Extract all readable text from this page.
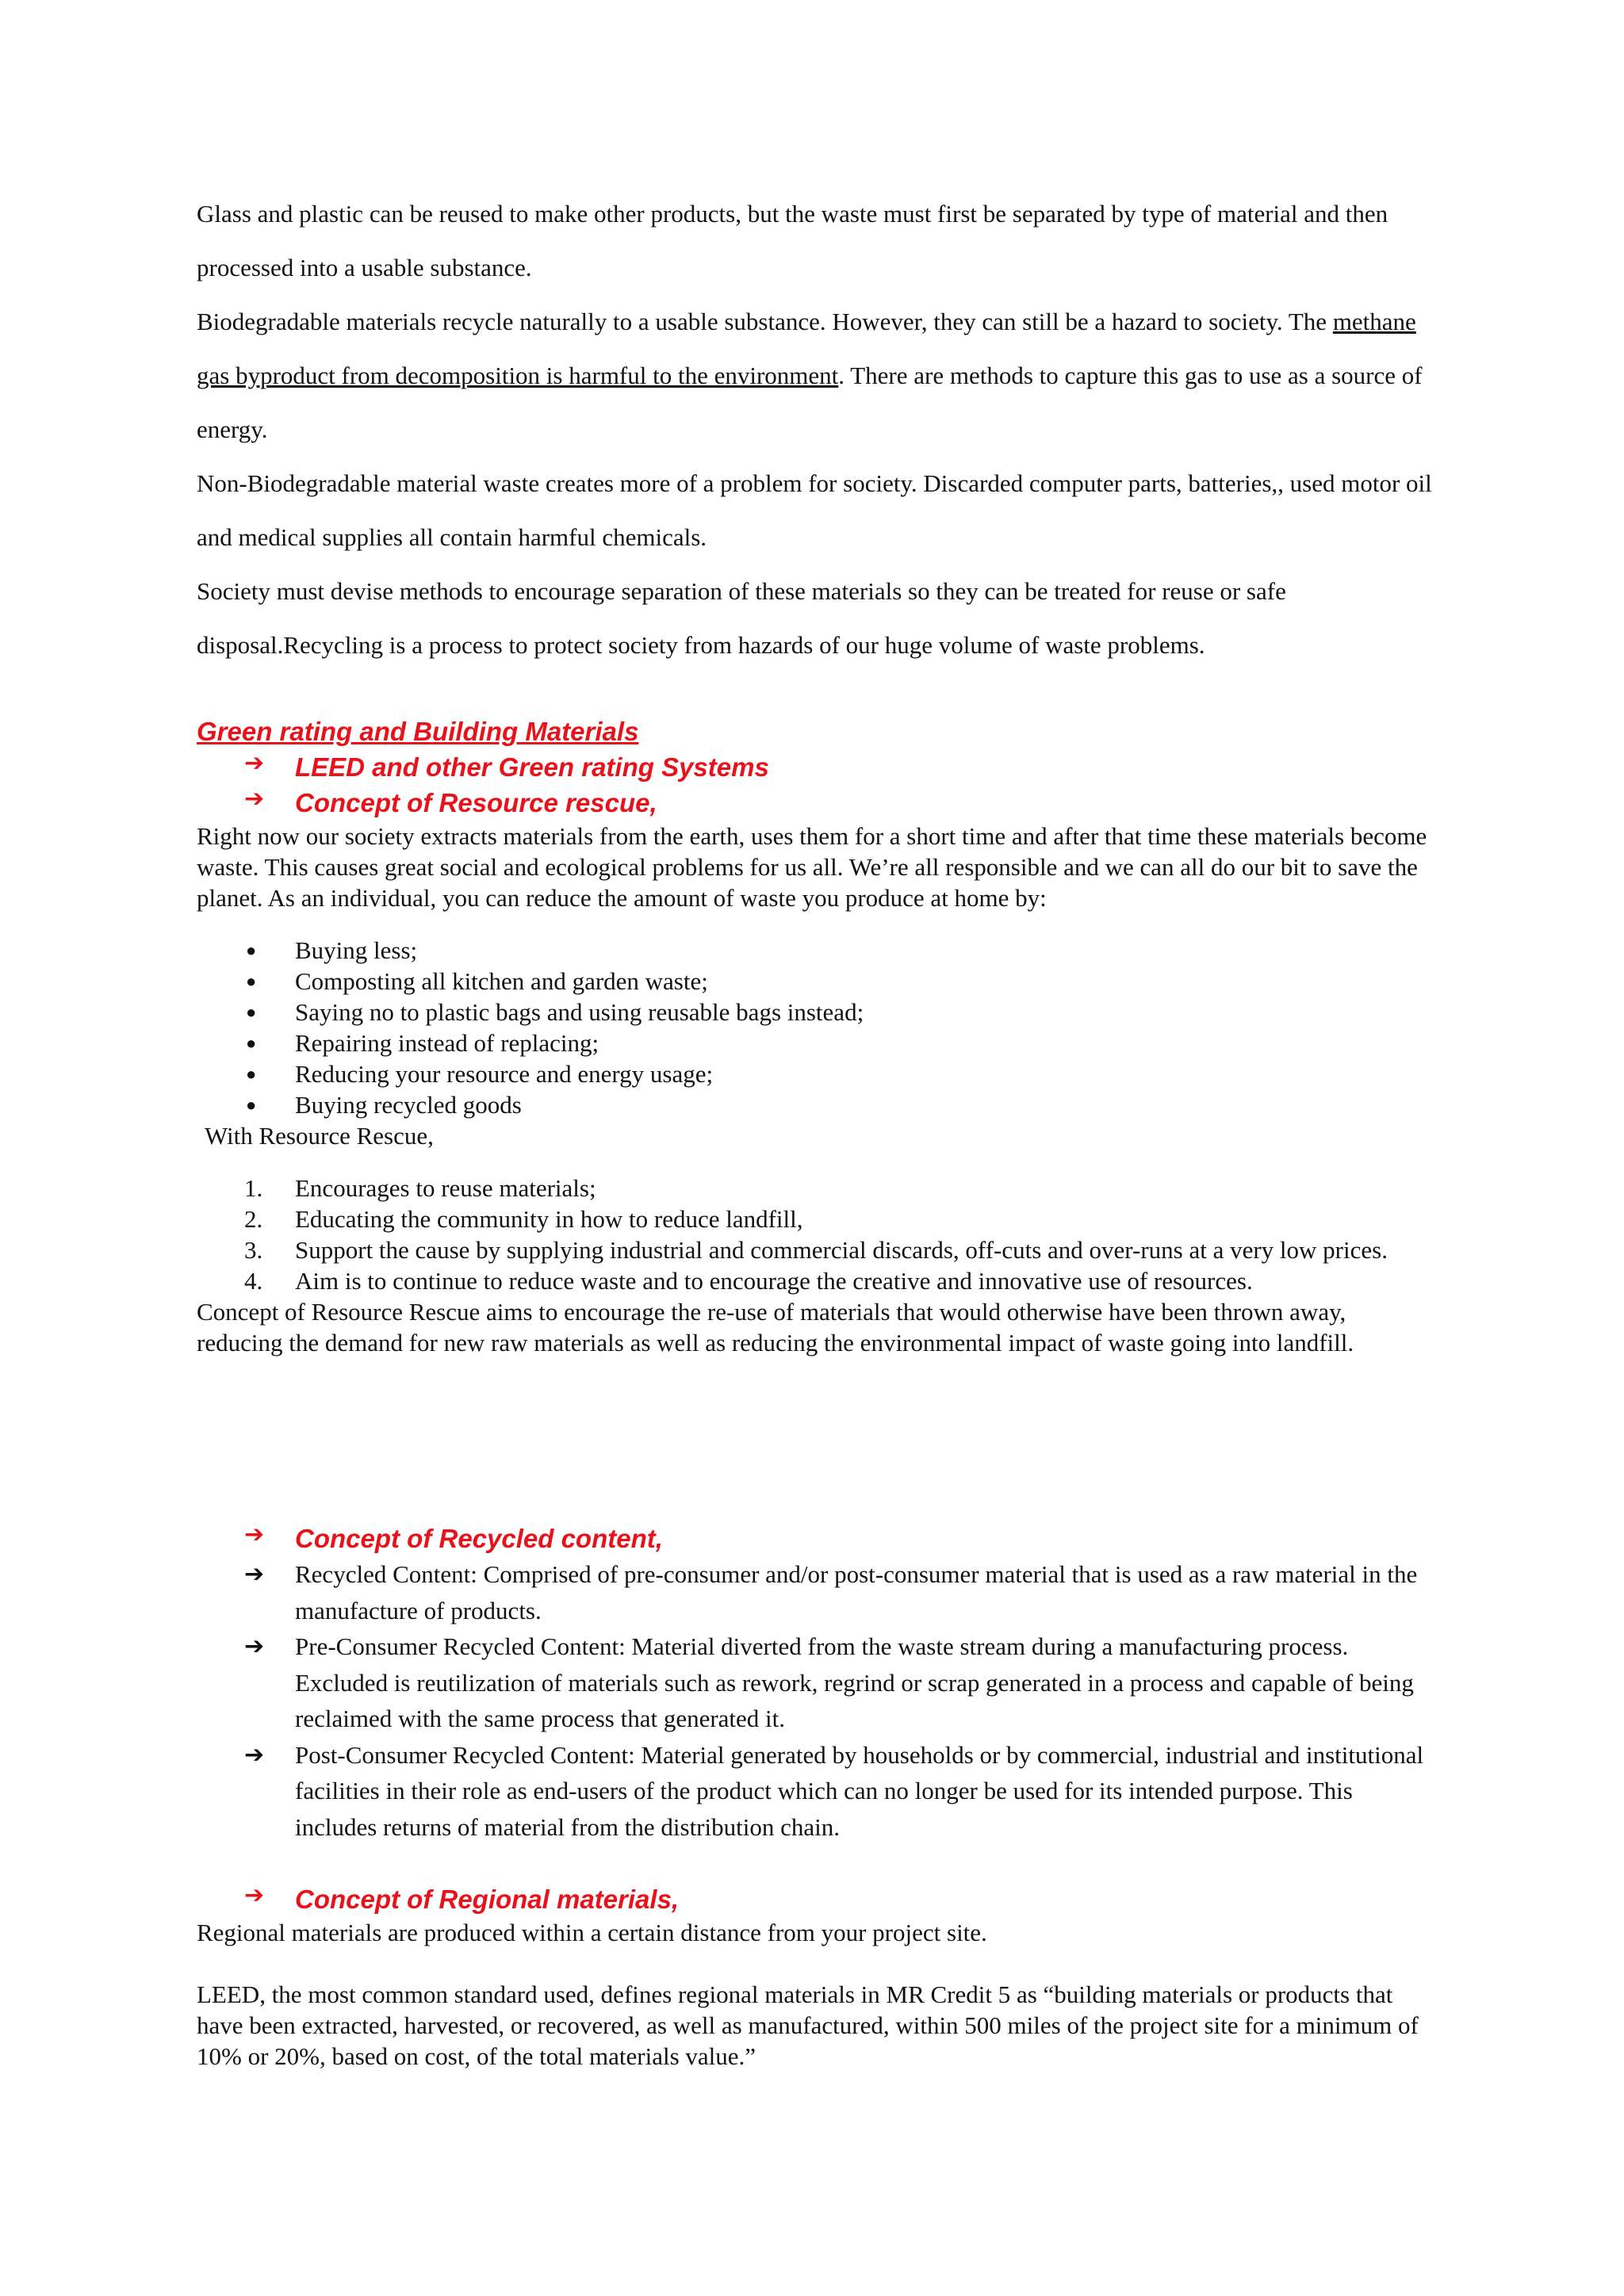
Glass and plastic can be reused to make other products, but the waste must first be separated by type of material and then processed into a usable substance.

Biodegradable materials recycle naturally to a usable substance. However, they can still be a hazard to society. The methane gas byproduct from decomposition is harmful to the environment. There are methods to capture this gas to use as a source of energy.

Non-Biodegradable material waste creates more of a problem for society. Discarded computer parts, batteries,, used motor oil and medical supplies all contain harmful chemicals.

Society must devise methods to encourage separation of these materials so they can be treated for reuse or safe disposal.Recycling is a process to protect society from hazards of our huge volume of waste problems.

Green rating and Building Materials

➔ LEED and other Green rating Systems

➔ Concept of Resource rescue,

Right now our society extracts materials from the earth, uses them for a short time and after that time these materials become waste. This causes great social and ecological problems for us all. We’re all responsible and we can all do our bit to save the planet. As an individual, you can reduce the amount of waste you produce at home by:

● Buying less;
● Composting all kitchen and garden waste;
● Saying no to plastic bags and using reusable bags instead;
● Repairing instead of replacing;
● Reducing your resource and energy usage;
● Buying recycled goods

With Resource Rescue,

1.	Encourages to reuse materials;
2.	Educating the community in how to reduce landfill,
3.	Support the cause by supplying industrial and commercial discards, off-cuts and over-runs at a very low prices.
4.	Aim is to continue to reduce waste and to encourage the creative and innovative use of resources.

Concept of Resource Rescue aims to encourage the re-use of materials that would otherwise have been thrown away, reducing the demand for new raw materials as well as reducing the environmental impact of waste going into landfill.

➔ Concept of Recycled content,

➔ Recycled Content: Comprised of pre-consumer and/or post-consumer material that is used as a raw material in the manufacture of products.
➔ Pre-Consumer Recycled Content: Material diverted from the waste stream during a manufacturing process. Excluded is reutilization of materials such as rework, regrind or scrap generated in a process and capable of being reclaimed with the same process that generated it.
➔ Post-Consumer Recycled Content: Material generated by households or by commercial, industrial and institutional facilities in their role as end-users of the product which can no longer be used for its intended purpose. This includes returns of material from the distribution chain.
➔ Concept of Regional materials,

Regional materials are produced within a certain distance from your project site.

LEED, the most common standard used, defines regional materials in MR Credit 5 as “building materials or products that have been extracted, harvested, or recovered, as well as manufactured, within 500 miles of the project site for a minimum of 10% or 20%, based on cost, of the total materials value.”
